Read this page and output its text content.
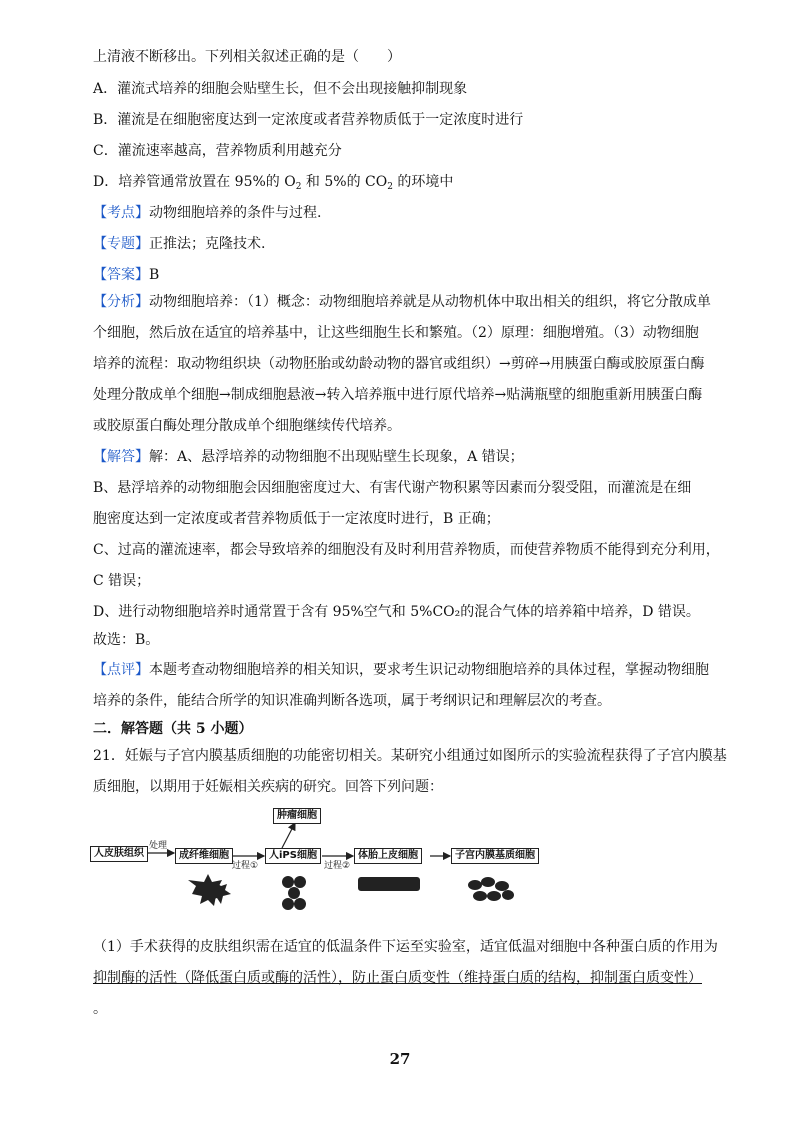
上清液不断移出。下列相关叙述正确的是（　　）
A．灌流式培养的细胞会贴壁生长，但不会出现接触抑制现象
B．灌流是在细胞密度达到一定浓度或者营养物质低于一定浓度时进行
C．灌流速率越高，营养物质利用越充分
D．培养管通常放置在 95%的 $O_2$ 和 5%的 $CO_2$ 的环境中
【考点】动物细胞培养的条件与过程.
【专题】正推法；克隆技术.
【答案】B
【分析】动物细胞培养：（1）概念：动物细胞培养就是从动物机体中取出相关的组织，将它分散成单
个细胞，然后放在适宜的培养基中，让这些细胞生长和繁殖。（2）原理：细胞增殖。（3）动物细胞
培养的流程：取动物组织块（动物胚胎或幼龄动物的器官或组织）→剪碎→用胰蛋白酶或胶原蛋白酶
处理分散成单个细胞→制成细胞悬液→转入培养瓶中进行原代培养→贴满瓶壁的细胞重新用胰蛋白酶
或胶原蛋白酶处理分散成单个细胞继续传代培养。
【解答】解：A、悬浮培养的动物细胞不出现贴壁生长现象，A 错误；
B、悬浮培养的动物细胞会因细胞密度过大、有害代谢产物积累等因素而分裂受阻，而灌流是在细
胞密度达到一定浓度或者营养物质低于一定浓度时进行，B 正确；
C、过高的灌流速率，都会导致培养的细胞没有及时利用营养物质，而使营养物质不能得到充分利用，
C 错误；
D、进行动物细胞培养时通常置于含有 95%空气和 5%CO₂的混合气体的培养箱中培养，D 错误。
故选：B。
【点评】本题考查动物细胞培养的相关知识，要求考生识记动物细胞培养的具体过程，掌握动物细胞
培养的条件，能结合所学的知识准确判断各选项，属于考纲识记和理解层次的考查。
二．解答题（共 5 小题）
21．妊娠与子宫内膜基质细胞的功能密切相关。某研究小组通过如图所示的实验流程获得了子宫内膜基
质细胞，以期用于妊娠相关疾病的研究。回答下列问题：
人皮肤组织	成纤维细胞	人iPS细胞
肿瘤细胞
体胎上皮细胞	子宫内膜基质细胞
处理
过程①	过程②
（1）手术获得的皮肤组织需在适宜的低温条件下运至实验室，适宜低温对细胞中各种蛋白质的作用为
抑制酶的活性（降低蛋白质或酶的活性），防止蛋白质变性（维持蛋白质的结构，抑制蛋白质变性）
。
27
